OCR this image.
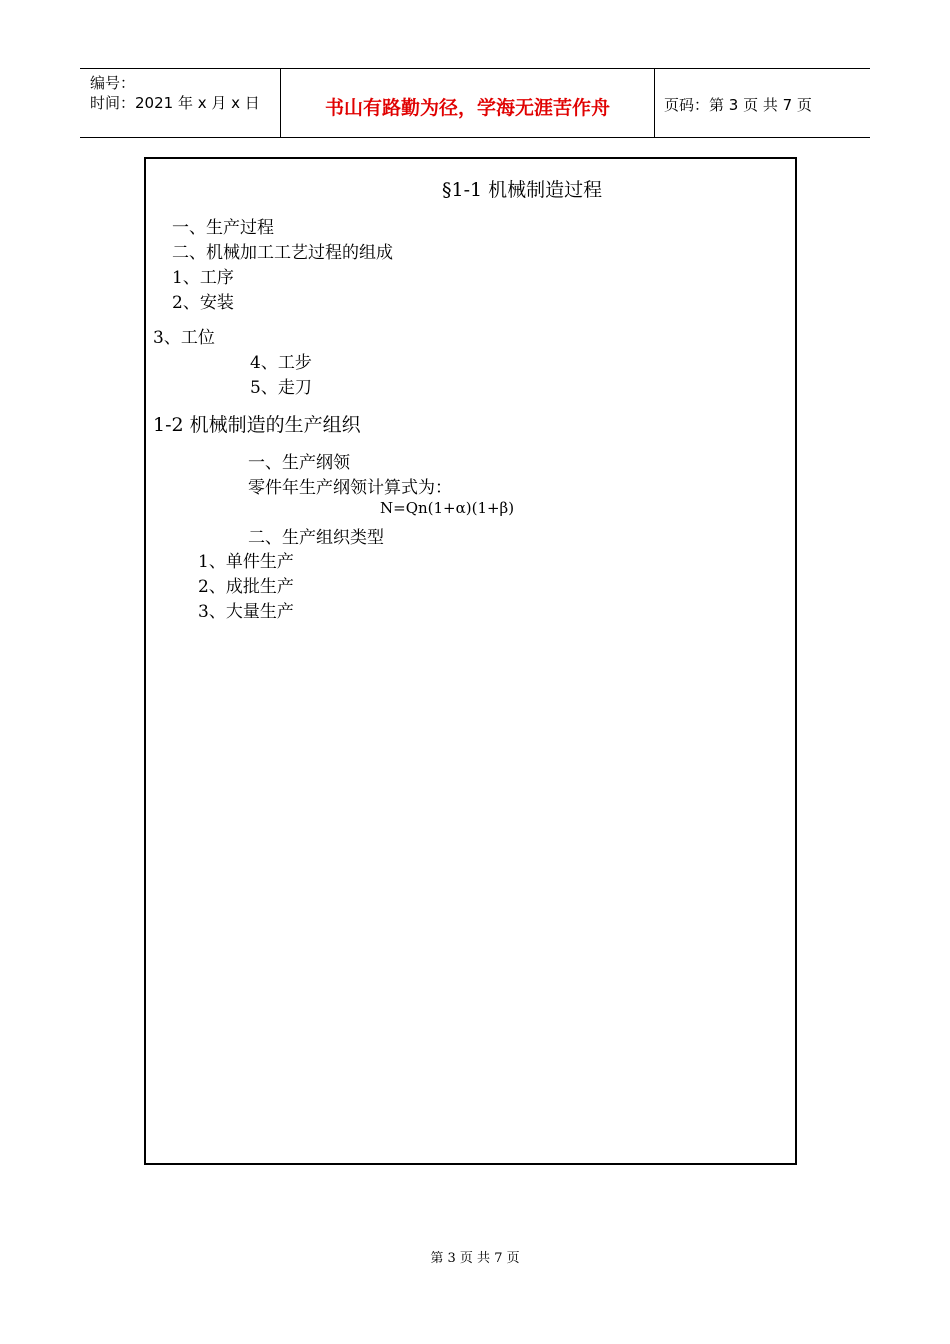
编号：
时间：2021 年 x 月 x 日	书山有路勤为径，学海无涯苦作舟	页码：第 3 页 共 7 页
§1-1 机械制造过程
一、生产过程
二、机械加工工艺过程的组成
1、工序
2、安装
3、工位
4、工步
5、走刀
1-2 机械制造的生产组织
一、生产纲领
零件年生产纲领计算式为：
N=Qn(1+α)(1+β)
二、生产组织类型
1、单件生产
2、成批生产
3、大量生产
第 3 页 共 7 页
